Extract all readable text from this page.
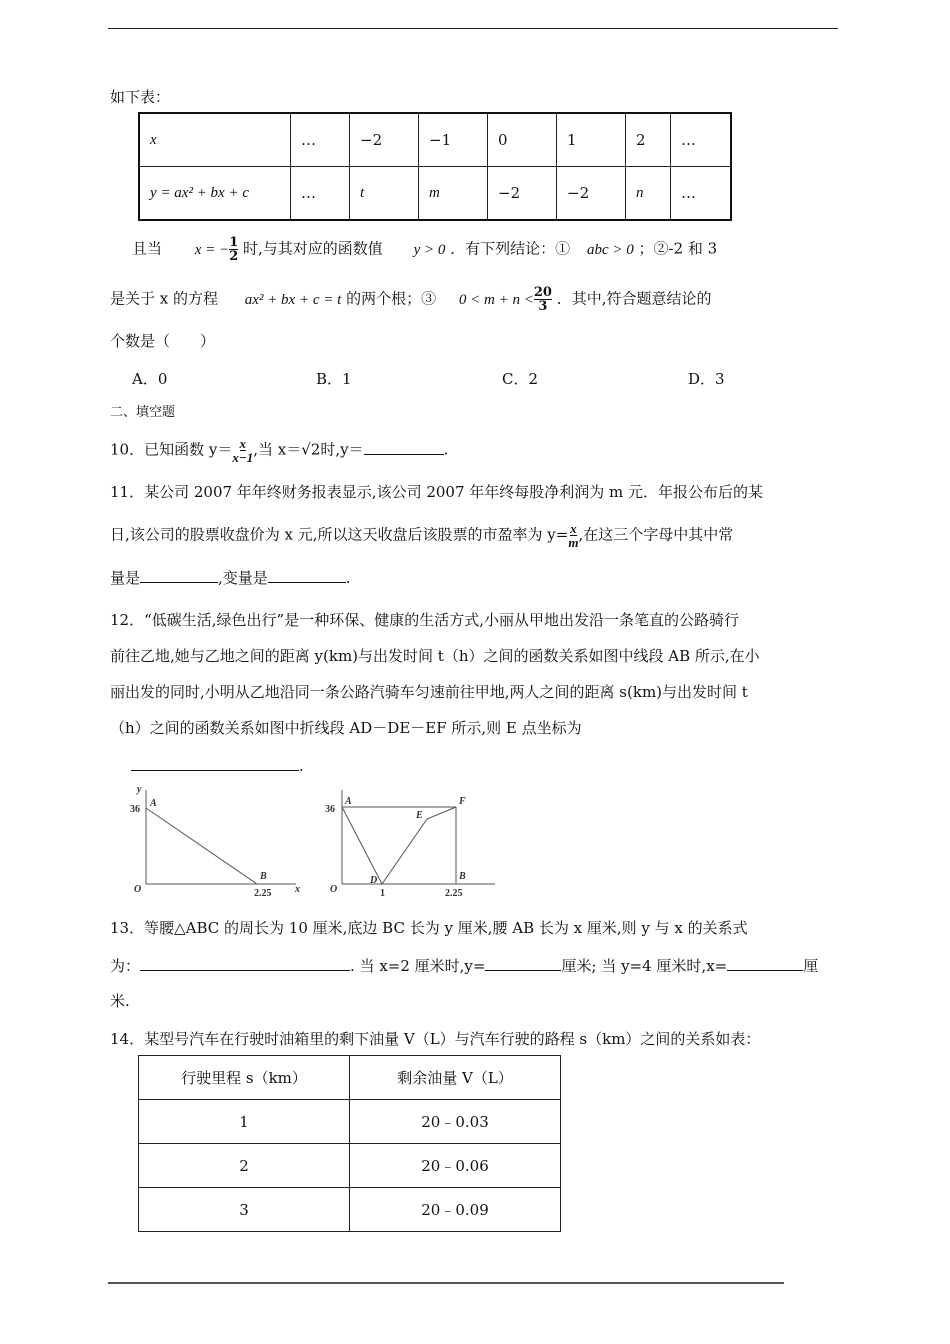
如下表：
x	…	−2	−1	0	1	2	…
y = ax² + bx + c	…	t	m	−2	−2	n	…
且当 x = − $\frac{1}{2}$ 时,与其对应的函数值 y > 0 ．有下列结论：① abc > 0 ；②-2 和 3
是关于 x 的方程 ax² + bx + c = t 的两个根；③ $0 < m + n < \frac{20}{3}$ ．其中,符合题意结论的
个数是（　　）
A．0	B．1	C．2	D．3
二、填空题
10．已知函数 $y= \frac{x}{x-1}$ ,当 x＝√2时,y＝	.
11．某公司 2007 年年终财务报表显示,该公司 2007 年年终每股净利润为 m 元．年报公布后的某
日,该公司的股票收盘价为 x 元,所以这天收盘后该股票的市盈率为 $y= \frac{x}{m}$ ,在这三个字母中其中常
量是	,变量是	.
12．“低碳生活,绿色出行”是一种环保、健康的生活方式,小丽从甲地出发沿一条笔直的公路骑行
前往乙地,她与乙地之间的距离 y(km)与出发时间 t（h）之间的函数关系如图中线段 AB 所示,在小
丽出发的同时,小明从乙地沿同一条公路汽骑车匀速前往甲地,两人之间的距离 s(km)与出发时间 t
（h）之间的函数关系如图中折线段 AD－DE－EF 所示,则 E 点坐标为
.
y
A
36
O
B
2.25 x
A
36
F
E
D	B
O	1	2.25
13．等腰△ABC 的周长为 10 厘米,底边 BC 长为 y 厘米,腰 AB 长为 x 厘米,则 y 与 x 的关系式
为：	. 当 x=2 厘米时,y=	厘米; 当 y=4 厘米时,x=	厘
米.
14．某型号汽车在行驶时油箱里的剩下油量 V（L）与汽车行驶的路程 s（km）之间的关系如表：
行驶里程 s（km）	剩余油量 V（L）
1	20﹣0.03
2	20﹣0.06
3	20﹣0.09
